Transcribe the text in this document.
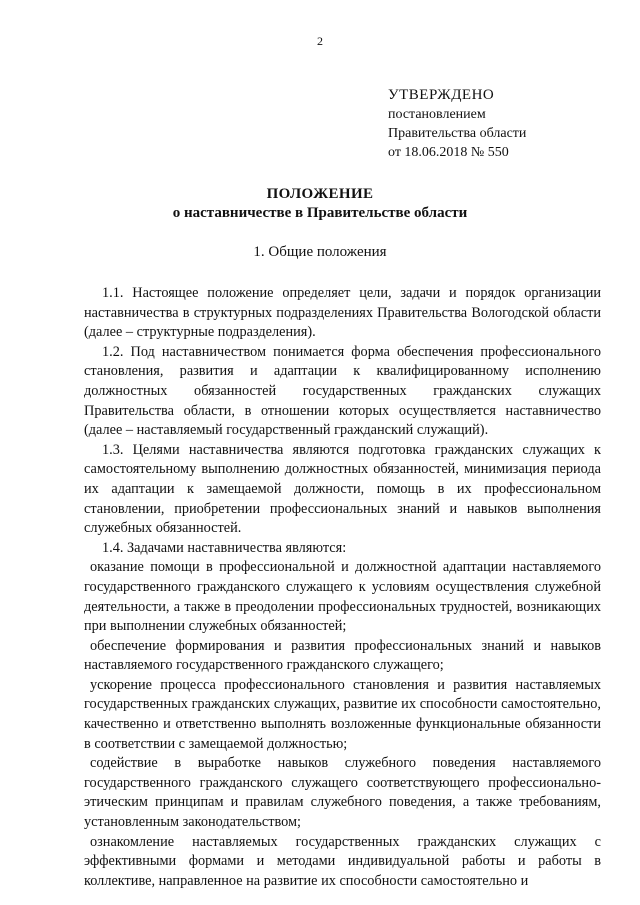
2
УТВЕРЖДЕНО
постановлением
Правительства области
от 18.06.2018 № 550
ПОЛОЖЕНИЕ
о наставничестве в Правительстве области
1. Общие положения

1.1. Настоящее положение определяет цели, задачи и порядок организации наставничества в структурных подразделениях Правительства Вологодской области (далее – структурные подразделения).

1.2. Под наставничеством понимается форма обеспечения профессионального становления, развития и адаптации к квалифицированному исполнению должностных обязанностей государственных гражданских служащих Правительства области, в отношении которых осуществляется наставничество (далее – наставляемый государственный гражданский служащий).

1.3. Целями наставничества являются подготовка гражданских служащих к самостоятельному выполнению должностных обязанностей, минимизация периода их адаптации к замещаемой должности, помощь в их профессиональном становлении, приобретении профессиональных знаний и навыков выполнения служебных обязанностей.

1.4. Задачами наставничества являются:

оказание помощи в профессиональной и должностной адаптации наставляемого государственного гражданского служащего к условиям осуществления служебной деятельности, а также в преодолении профессиональных трудностей, возникающих при выполнении служебных обязанностей;

обеспечение формирования и развития профессиональных знаний и навыков наставляемого государственного гражданского служащего;

ускорение процесса профессионального становления и развития наставляемых государственных гражданских служащих, развитие их способности самостоятельно, качественно и ответственно выполнять возложенные функциональные обязанности в соответствии с замещаемой должностью;

содействие в выработке навыков служебного поведения наставляемого государственного гражданского служащего соответствующего профессионально-этическим принципам и правилам служебного поведения, а также требованиям, установленным законодательством;

ознакомление наставляемых государственных гражданских служащих с эффективными формами и методами индивидуальной работы и работы в коллективе, направленное на развитие их способности самостоятельно и
